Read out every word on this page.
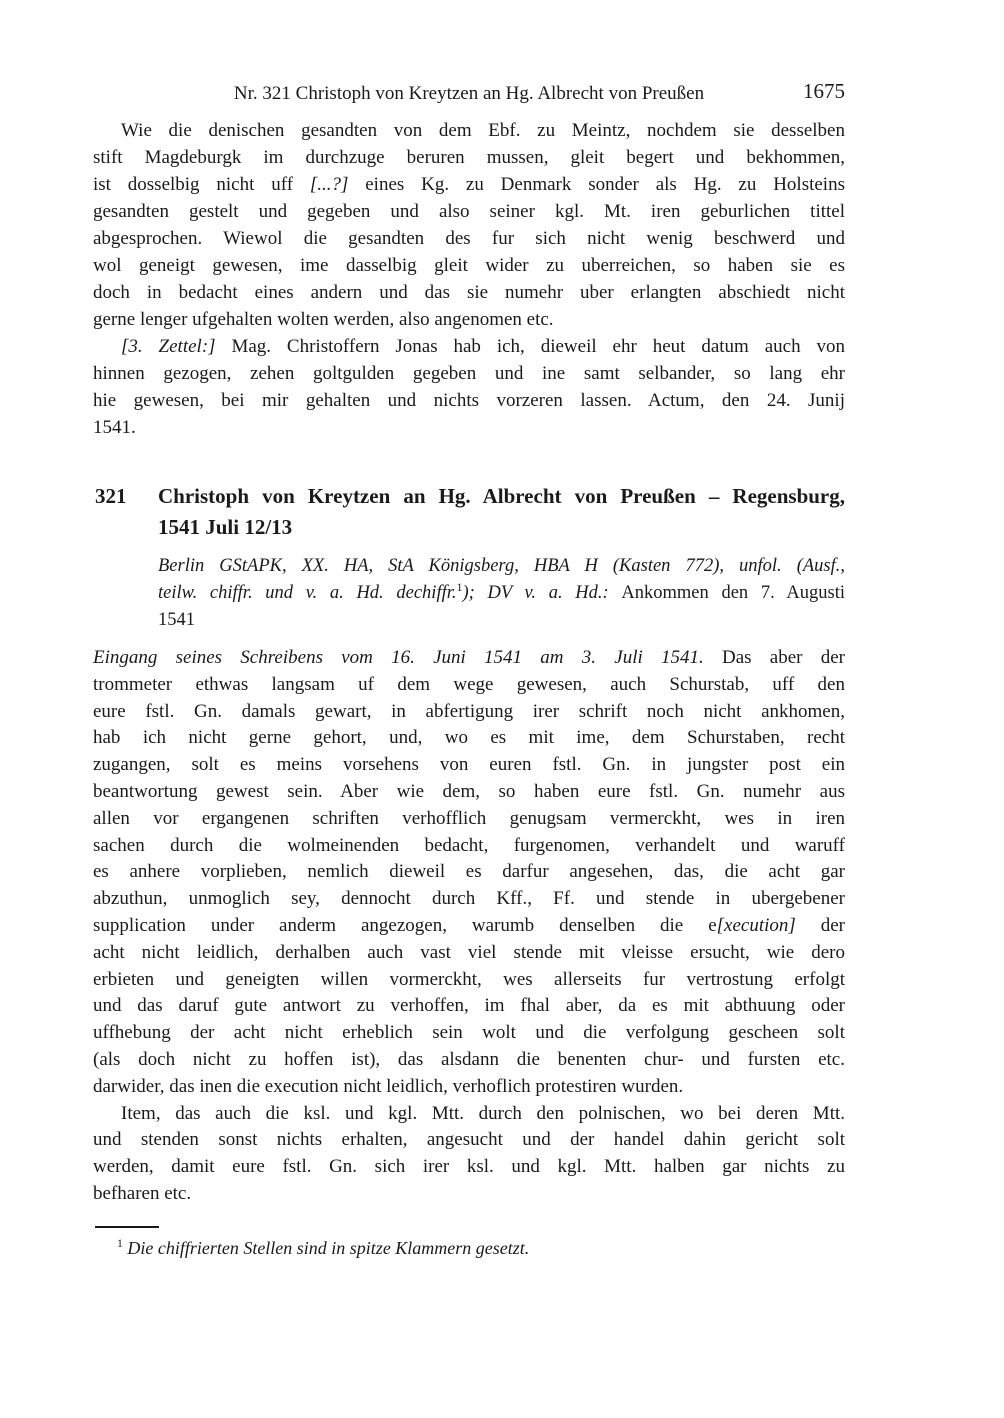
Nr. 321 Christoph von Kreytzen an Hg. Albrecht von Preußen	1675
Wie die denischen gesandten von dem Ebf. zu Meintz, nochdem sie desselben
stift Magdeburgk im durchzuge beruren mussen, gleit begert und bekhommen,
ist dosselbig nicht uff [...?] eines Kg. zu Denmark sonder als Hg. zu Holsteins
gesandten gestelt und gegeben und also seiner kgl. Mt. iren geburlichen tittel
abgesprochen. Wiewol die gesandten des fur sich nicht wenig beschwerd und
wol geneigt gewesen, ime dasselbig gleit wider zu uberreichen, so haben sie es
doch in bedacht eines andern und das sie numehr uber erlangten abschiedt nicht
gerne lenger ufgehalten wolten werden, also angenomen etc.
[3. Zettel:] Mag. Christoffern Jonas hab ich, dieweil ehr heut datum auch von
hinnen gezogen, zehen goltgulden gegeben und ine samt selbander, so lang ehr
hie gewesen, bei mir gehalten und nichts vorzeren lassen. Actum, den 24. Junij
1541.
321 Christoph von Kreytzen an Hg. Albrecht von Preußen – Regensburg,
1541 Juli 12/13
Berlin GStAPK, XX. HA, StA Königsberg, HBA H (Kasten 772), unfol. (Ausf.,
teilw. chiffr. und v. a. Hd. dechiffr.$^1$); DV v. a. Hd.: Ankommen den 7. Augusti
1541
Eingang seines Schreibens vom 16. Juni 1541 am 3. Juli 1541. Das aber der
trommeter ethwas langsam uf dem wege gewesen, auch Schurstab, uff den
eure fstl. Gn. damals gewart, in abfertigung irer schrift noch nicht ankhomen,
hab ich nicht gerne gehort, und, wo es mit ime, dem Schurstaben, recht
zugangen, solt es meins vorsehens von euren fstl. Gn. in jungster post ein
beantwortung gewest sein. Aber wie dem, so haben eure fstl. Gn. numehr aus
allen vor ergangenen schriften verhofflich genugsam vermerckht, wes in iren
sachen durch die wolmeinenden bedacht, furgenomen, verhandelt und waruff
es anhere vorplieben, nemlich dieweil es darfur angesehen, das, die acht gar
abzuthun, unmoglich sey, dennocht durch Kff., Ff. und stende in ubergebener
supplication under anderm angezogen, warumb denselben die e[xecution] der
acht nicht leidlich, derhalben auch vast viel stende mit vleisse ersucht, wie dero
erbieten und geneigten willen vormerckht, wes allerseits fur vertrostung erfolgt
und das daruf gute antwort zu verhoffen, im fhal aber, da es mit abthuung oder
uffhebung der acht nicht erheblich sein wolt und die verfolgung gescheen solt
(als doch nicht zu hoffen ist), das alsdann die benenten chur- und fursten etc.
darwider, das inen die execution nicht leidlich, verhoflich protestiren wurden.
Item, das auch die ksl. und kgl. Mtt. durch den polnischen, wo bei deren Mtt.
und stenden sonst nichts erhalten, angesucht und der handel dahin gericht solt
werden, damit eure fstl. Gn. sich irer ksl. und kgl. Mtt. halben gar nichts zu
befharen etc.
$^1$ Die chiffrierten Stellen sind in spitze Klammern gesetzt.
